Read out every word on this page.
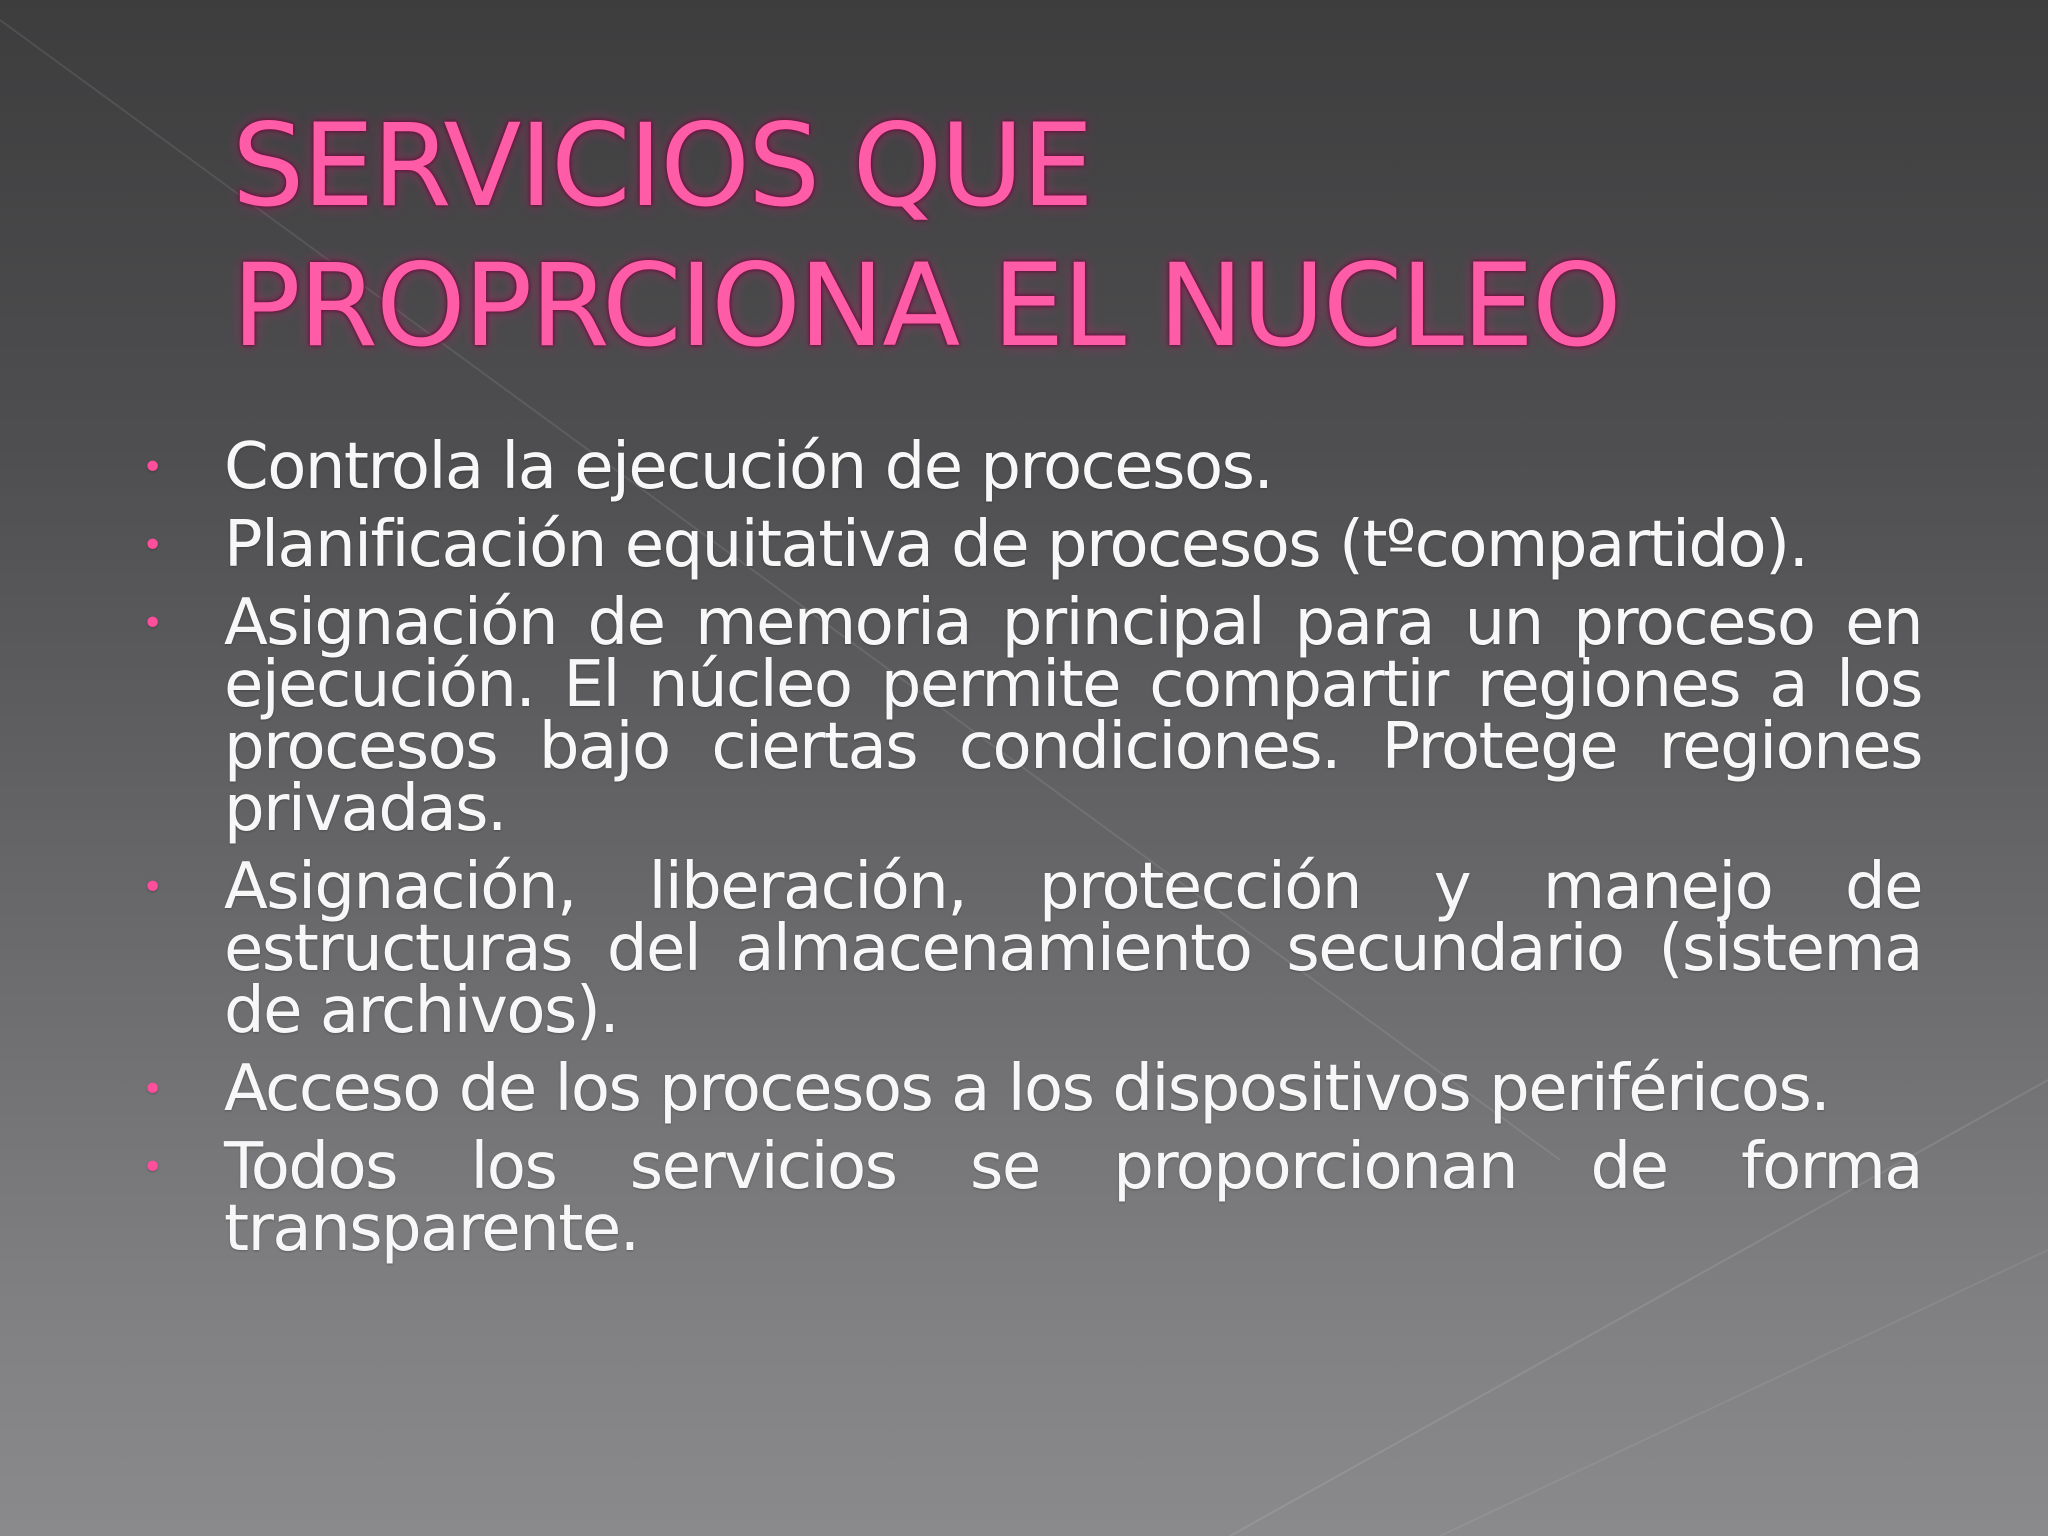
SERVICIOS QUE
PROPRCIONA EL NUCLEO
• Controla la ejecución de procesos.
• Planificación equitativa de procesos (tºcompartido).
• Asignación de memoria principal para un proceso en ejecución. El núcleo permite compartir regiones a los procesos bajo ciertas condiciones. Protege regiones privadas.
• Asignación, liberación, protección y manejo de estructuras del almacenamiento secundario (sistema de archivos).
• Acceso de los procesos a los dispositivos periféricos.
• Todos los servicios se proporcionan de forma transparente.
